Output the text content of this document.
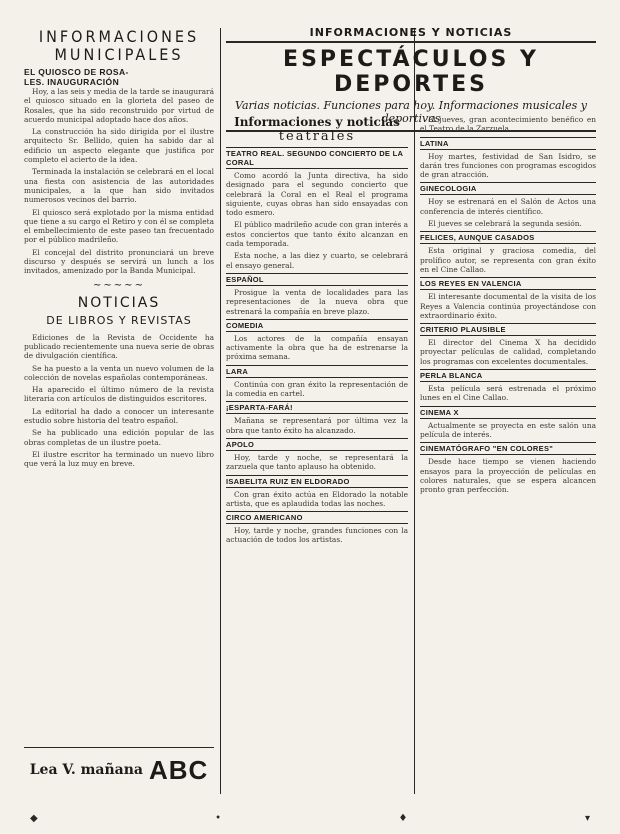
INFORMACIONES
MUNICIPALES
EL QUIOSCO DE ROSA-
LES. INAUGURACIÓN

Hoy, a las seis y media de la tarde se inaugurará el quiosco situado en la glorieta del paseo de Rosales, que ha sido reconstruido por virtud de acuerdo municipal adoptado hace dos años.

La construcción ha sido dirigida por el ilustre arquitecto Sr. Bellido, quien ha sabido dar al edificio un aspecto elegante que justifica por completo el acierto de la idea.

Terminada la instalación se celebrará en el local una fiesta con asistencia de las autoridades municipales, a la que han sido invitados numerosos vecinos del barrio.

El quiosco será explotado por la misma entidad que tiene a su cargo el Retiro y con él se completa el embellecimiento de este paseo tan frecuentado por el público madrileño.

El concejal del distrito pronunciará un breve discurso y después se servirá un lunch a los invitados, amenizado por la Banda Municipal.

∼∼∼∼∼
NOTICIAS
DE LIBROS Y REVISTAS

Ediciones de la Revista de Occidente ha publicado recientemente una nueva serie de obras de divulgación científica.

Se ha puesto a la venta un nuevo volumen de la colección de novelas españolas contemporáneas.

Ha aparecido el último número de la revista literaria con artículos de distinguidos escritores.

La editorial ha dado a conocer un interesante estudio sobre historia del teatro español.

Se ha publicado una edición popular de las obras completas de un ilustre poeta.

El ilustre escritor ha terminado un nuevo libro que verá la luz muy en breve.

Lea V. mañana ABC
INFORMACIONES Y NOTICIAS
ESPECTÁCULOS Y DEPORTES
Varias noticias. Funciones para hoy. Informaciones musicales y deportivas
Informaciones y noticias
teatrales
TEATRO REAL. SEGUNDO CONCIERTO DE LA CORAL

Como acordó la Junta directiva, ha sido designado para el segundo concierto que celebrará la Coral en el Real el programa siguiente, cuyas obras han sido ensayadas con todo esmero.

El público madrileño acude con gran interés a estos conciertos que tanto éxito alcanzan en cada temporada.

Esta noche, a las diez y cuarto, se celebrará el ensayo general.

ESPAÑOL

Prosigue la venta de localidades para las representaciones de la nueva obra que estrenará la compañía en breve plazo.

COMEDIA

Los actores de la compañía ensayan activamente la obra que ha de estrenarse la próxima semana.

LARA

Continúa con gran éxito la representación de la comedia en cartel.

¡ESPARTA-FARÁ!

Mañana se representará por última vez la obra que tanto éxito ha alcanzado.

APOLO

Hoy, tarde y noche, se representará la zarzuela que tanto aplauso ha obtenido.

ISABELITA RUIZ EN ELDORADO

Con gran éxito actúa en Eldorado la notable artista, que es aplaudida todas las noches.

CIRCO AMERICANO

Hoy, tarde y noche, grandes funciones con la actuación de todos los artistas.

El jueves, gran acontecimiento benéfico en el Teatro de la Zarzuela.

LATINA

Hoy martes, festividad de San Isidro, se darán tres funciones con programas escogidos de gran atracción.

GINECOLOGIA

Hoy se estrenará en el Salón de Actos una conferencia de interés científico.

El jueves se celebrará la segunda sesión.

FELICES, AUNQUE CASADOS

Esta original y graciosa comedia, del prolífico autor, se representa con gran éxito en el Cine Callao.

LOS REYES EN VALENCIA

El interesante documental de la visita de los Reyes a Valencia continúa proyectándose con extraordinario éxito.

CRITERIO PLAUSIBLE

El director del Cinema X ha decidido proyectar películas de calidad, completando los programas con excelentes documentales.

PERLA BLANCA

Esta película será estrenada el próximo lunes en el Cine Callao.

CINEMA X

Actualmente se proyecta en este salón una película de interés.

CINEMATÓGRAFO "EN COLORES"

Desde hace tiempo se vienen haciendo ensayos para la proyección de películas en colores naturales, que se espera alcancen pronto gran perfección.

◆	•	♦	▾
